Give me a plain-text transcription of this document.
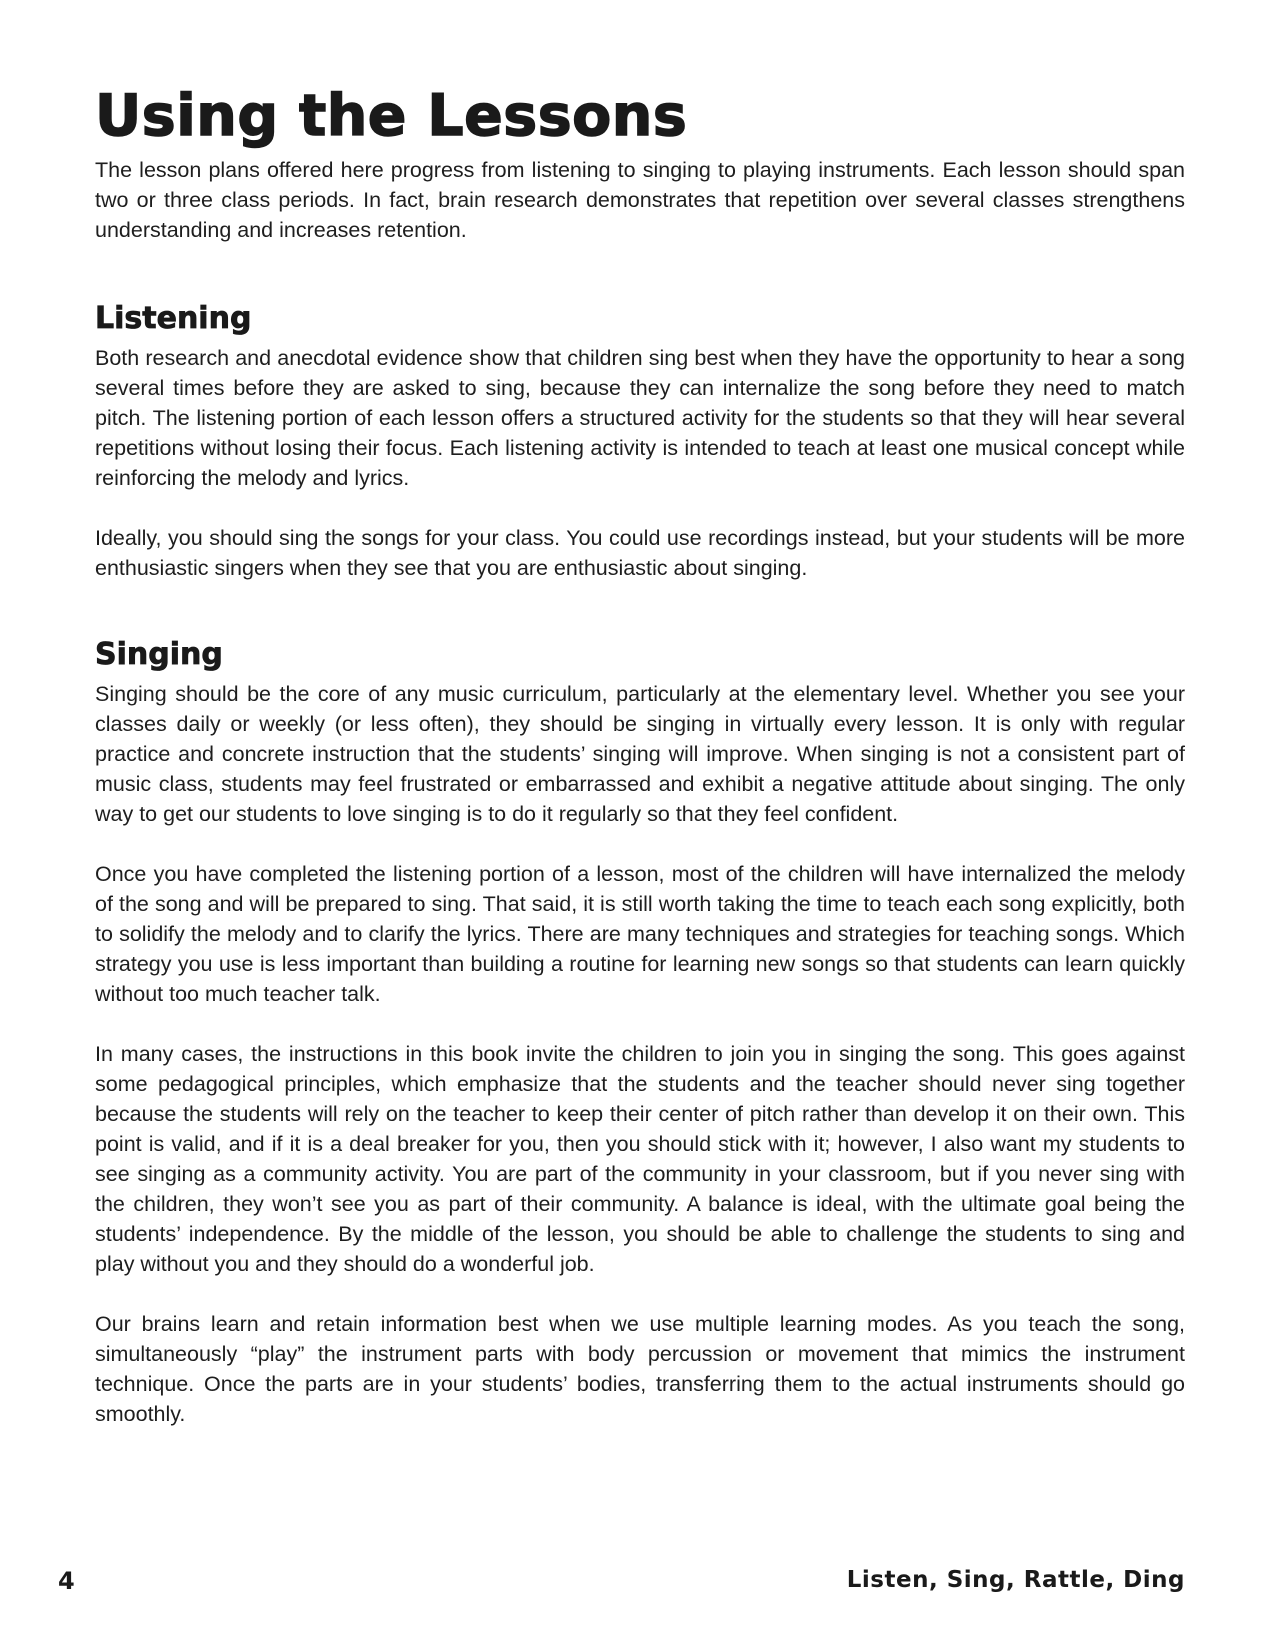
Using the Lessons

The lesson plans offered here progress from listening to singing to playing instruments. Each lesson should span two or three class periods. In fact, brain research demonstrates that repetition over several classes strengthens understanding and increases retention.

Listening

Both research and anecdotal evidence show that children sing best when they have the opportunity to hear a song several times before they are asked to sing, because they can internalize the song before they need to match pitch. The listening portion of each lesson offers a structured activity for the students so that they will hear several repetitions without losing their focus. Each listening activity is intended to teach at least one musical concept while reinforcing the melody and lyrics.

Ideally, you should sing the songs for your class. You could use recordings instead, but your students will be more enthusiastic singers when they see that you are enthusiastic about singing.

Singing

Singing should be the core of any music curriculum, particularly at the elementary level. Whether you see your classes daily or weekly (or less often), they should be singing in virtually every lesson. It is only with regular practice and concrete instruction that the students’ singing will improve. When singing is not a consistent part of music class, students may feel frustrated or embarrassed and exhibit a negative attitude about singing. The only way to get our students to love singing is to do it regularly so that they feel confident.

Once you have completed the listening portion of a lesson, most of the children will have internalized the melody of the song and will be prepared to sing. That said, it is still worth taking the time to teach each song explicitly, both to solidify the melody and to clarify the lyrics. There are many techniques and strategies for teaching songs. Which strategy you use is less important than building a routine for learning new songs so that students can learn quickly without too much teacher talk.

In many cases, the instructions in this book invite the children to join you in singing the song. This goes against some pedagogical principles, which emphasize that the students and the teacher should never sing together because the students will rely on the teacher to keep their center of pitch rather than develop it on their own. This point is valid, and if it is a deal breaker for you, then you should stick with it; however, I also want my students to see singing as a community activity. You are part of the community in your classroom, but if you never sing with the children, they won’t see you as part of their community. A balance is ideal, with the ultimate goal being the students’ independence. By the middle of the lesson, you should be able to challenge the students to sing and play without you and they should do a wonderful job.

Our brains learn and retain information best when we use multiple learning modes. As you teach the song, simultaneously “play” the instrument parts with body percussion or movement that mimics the instrument technique. Once the parts are in your students’ bodies, transferring them to the actual instruments should go smoothly.

4	Listen, Sing, Rattle, Ding
